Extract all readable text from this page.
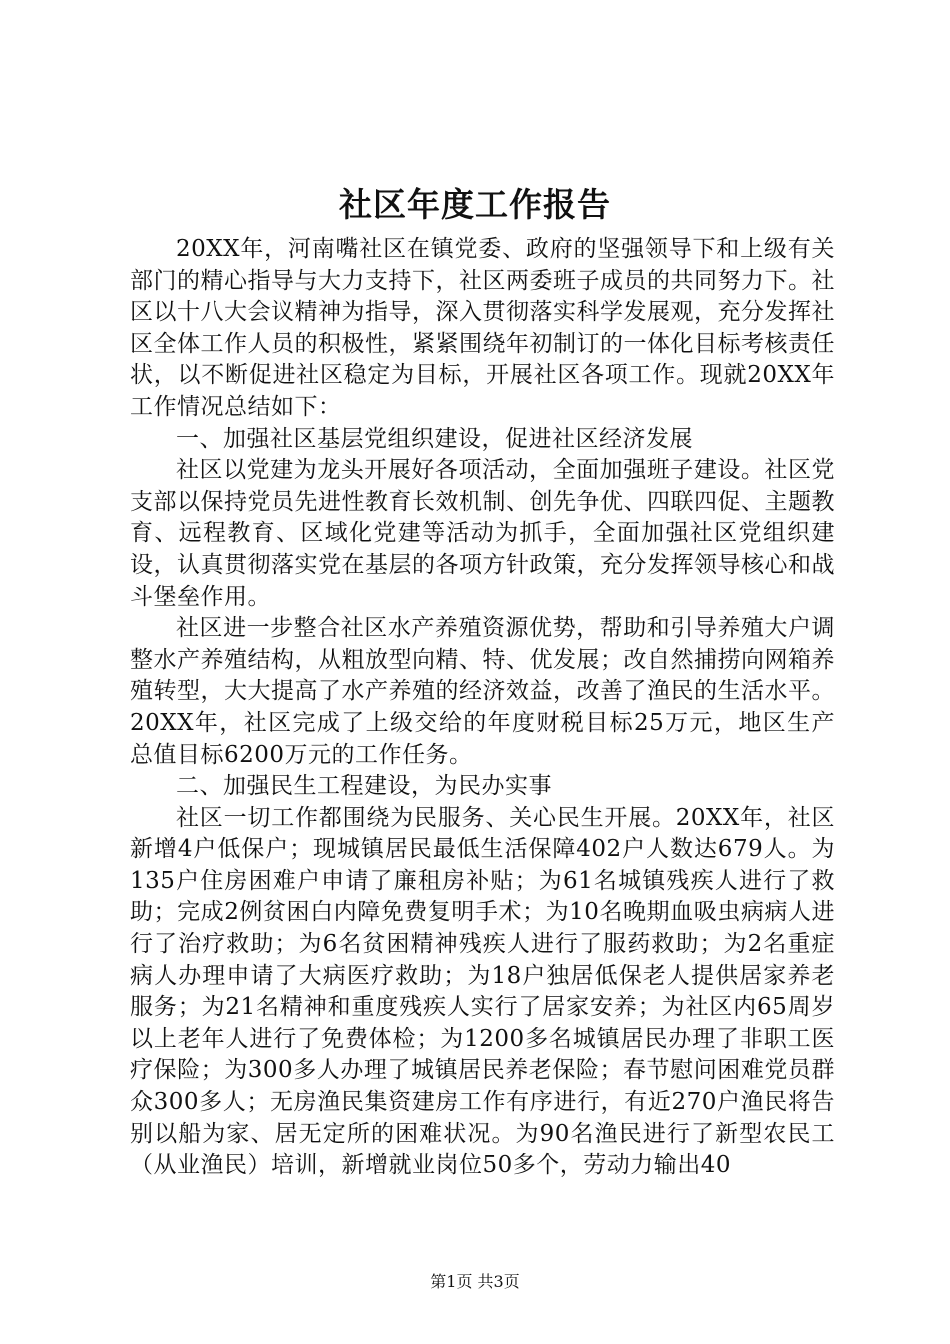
社区年度工作报告

20XX年，河南嘴社区在镇党委、政府的坚强领导下和上级有关部门的精心指导与大力支持下，社区两委班子成员的共同努力下。社区以十八大会议精神为指导，深入贯彻落实科学发展观，充分发挥社区全体工作人员的积极性，紧紧围绕年初制订的一体化目标考核责任状，以不断促进社区稳定为目标，开展社区各项工作。现就20XX年工作情况总结如下：

一、加强社区基层党组织建设，促进社区经济发展

社区以党建为龙头开展好各项活动，全面加强班子建设。社区党支部以保持党员先进性教育长效机制、创先争优、四联四促、主题教育、远程教育、区域化党建等活动为抓手，全面加强社区党组织建设，认真贯彻落实党在基层的各项方针政策，充分发挥领导核心和战斗堡垒作用。

社区进一步整合社区水产养殖资源优势，帮助和引导养殖大户调整水产养殖结构，从粗放型向精、特、优发展；改自然捕捞向网箱养殖转型，大大提高了水产养殖的经济效益，改善了渔民的生活水平。20XX年，社区完成了上级交给的年度财税目标25万元，地区生产总值目标6200万元的工作任务。

二、加强民生工程建设，为民办实事

社区一切工作都围绕为民服务、关心民生开展。20XX年，社区新增4户低保户；现城镇居民最低生活保障402户人数达679人。为135户住房困难户申请了廉租房补贴；为61名城镇残疾人进行了救助；完成2例贫困白内障免费复明手术；为10名晚期血吸虫病病人进行了治疗救助；为6名贫困精神残疾人进行了服药救助；为2名重症病人办理申请了大病医疗救助；为18户独居低保老人提供居家养老服务；为21名精神和重度残疾人实行了居家安养；为社区内65周岁以上老年人进行了免费体检；为1200多名城镇居民办理了非职工医疗保险；为300多人办理了城镇居民养老保险；春节慰问困难党员群众300多人；无房渔民集资建房工作有序进行，有近270户渔民将告别以船为家、居无定所的困难状况。为90名渔民进行了新型农民工（从业渔民）培训，新增就业岗位50多个，劳动力输出40

第1页 共3页
